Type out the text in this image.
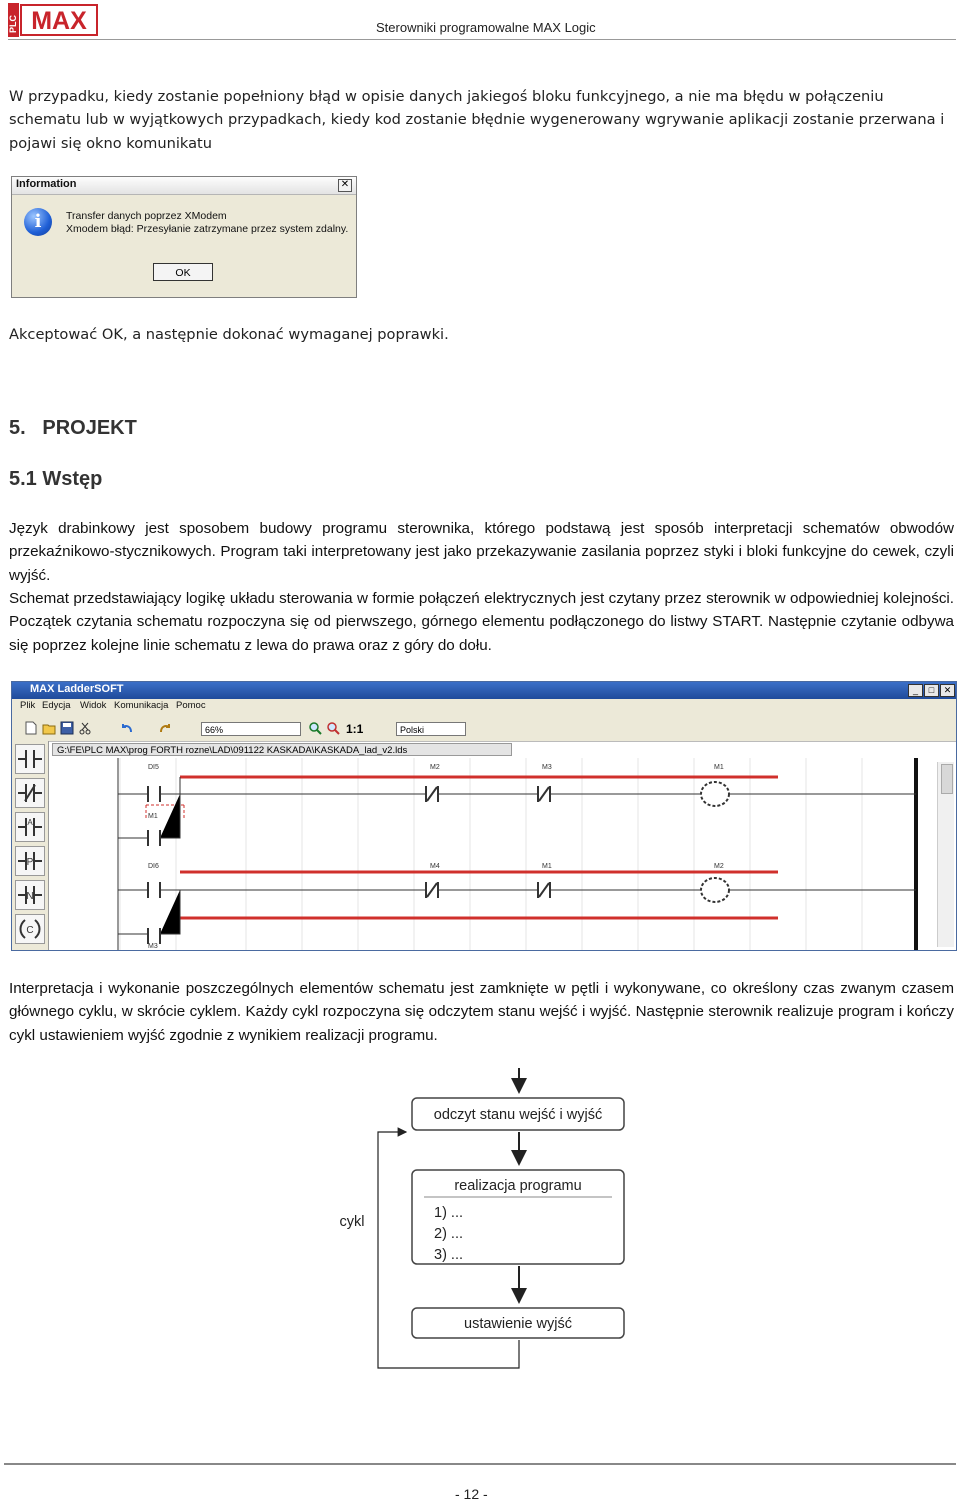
PLC MAX	Sterowniki programowalne MAX Logic

W przypadku, kiedy zostanie popełniony błąd w opisie danych jakiegoś bloku funkcyjnego, a nie ma błędu w połączeniu schematu lub w wyjątkowych przypadkach, kiedy kod zostanie błędnie wygenerowany wgrywanie aplikacji zostanie przerwana i pojawi się okno komunikatu

Information	✕
i	Transfer danych poprzez XModem
Xmodem błąd: Przesyłanie zatrzymane przez system zdalny.
OK

Akceptować OK, a następnie dokonać wymaganej poprawki.

5.   PROJEKT
5.1 Wstęp

Język drabinkowy jest sposobem budowy programu sterownika, którego podstawą jest sposób interpretacji schematów obwodów przekaźnikowo-stycznikowych. Program taki interpretowany jest jako przekazywanie zasilania poprzez styki i bloki funkcyjne do cewek, czyli wyjść.

Schemat przedstawiający logikę układu sterowania w formie połączeń elektrycznych jest czytany przez sterownik w odpowiedniej kolejności. Początek czytania schematu rozpoczyna się od pierwszego, górnego elementu podłączonego do listwy START. Następnie czytanie odbywa się poprzez kolejne linie schematu z lewa do prawa oraz z góry do dołu.

MAX LadderSOFT	_	□	✕
Plik Edycja Widok Komunikacja Pomoc
66%	1:1	Polski
A
P
N
C
G:\FE\PLC MAX\prog FORTH rozne\LAD\091122 KASKADA\KASKADA_lad_v2.lds
DI5	M2	M3	M1
M1
DI6	M4	M1	M2
M3

Interpretacja i wykonanie poszczególnych elementów schematu jest zamknięte w pętli i wykonywane, co określony czas zwanym czasem głównego cyklu, w skrócie cyklem. Każdy cykl rozpoczyna się odczytem stanu wejść i wyjść. Następnie sterownik realizuje program i kończy cykl ustawieniem wyjść zgodnie z wynikiem realizacji programu.

odczyt stanu wejść i wyjść
realizacja programu
1) ...
2) ...
3) ...
ustawienie wyjść
cykl
- 12 -
